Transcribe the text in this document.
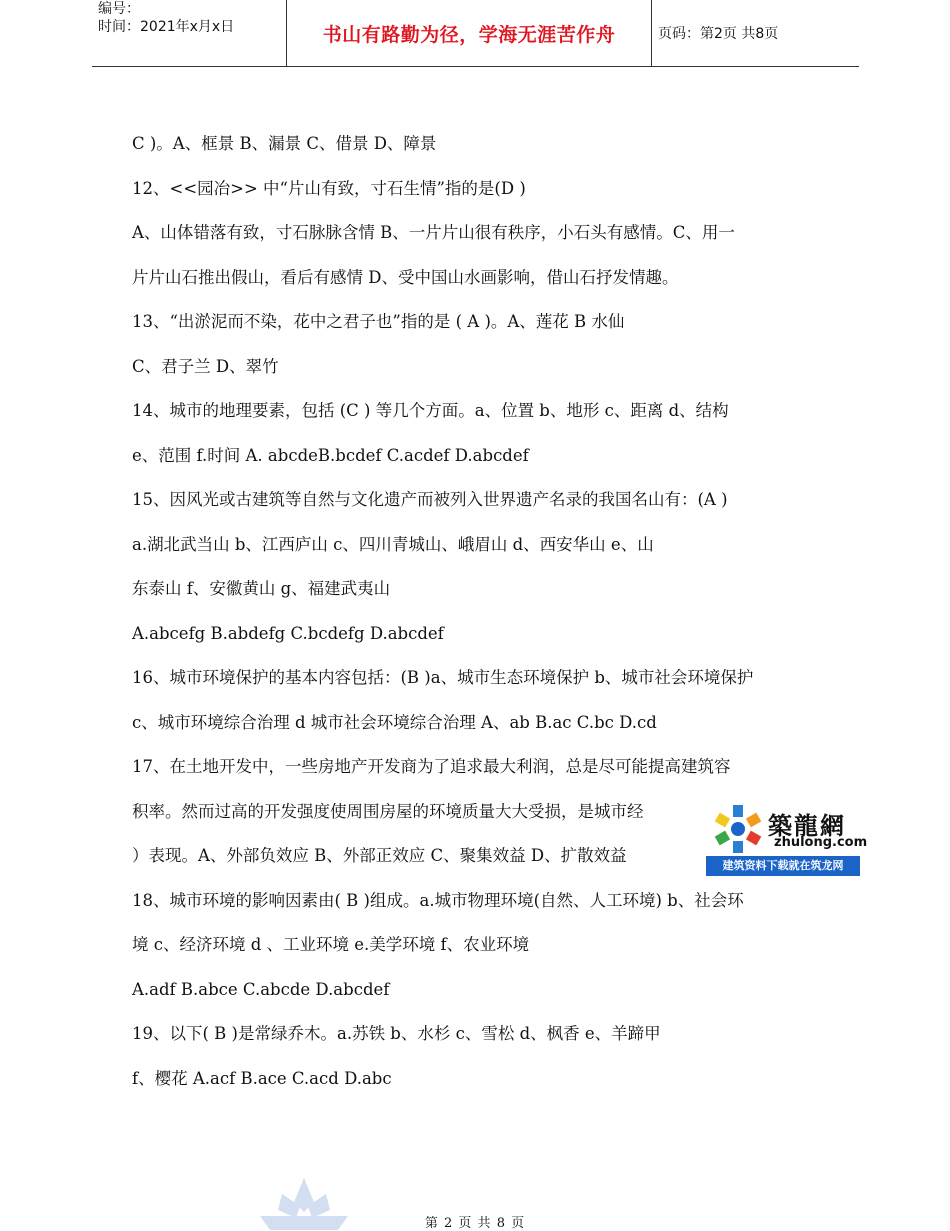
编号：
时间：2021年x月x日	书山有路勤为径，学海无涯苦作舟	页码：第2页 共8页
C )。A、框景 B、漏景 C、借景 D、障景
12、<<园冶>> 中“片山有致，寸石生情”指的是(D )
A、山体错落有致，寸石脉脉含情 B、一片片山很有秩序，小石头有感情。C、用一
片片山石推出假山，看后有感情 D、受中国山水画影响，借山石抒发情趣。
13、“出淤泥而不染，花中之君子也”指的是 ( A )。A、莲花 B 水仙
C、君子兰 D、翠竹
14、城市的地理要素，包括 (C ) 等几个方面。a、位置 b、地形 c、距离 d、结构
e、范围 f.时间 A. abcdeB.bcdef C.acdef D.abcdef
15、因风光或古建筑等自然与文化遗产而被列入世界遗产名录的我国名山有：(A )
a.湖北武当山 b、江西庐山 c、四川青城山、峨眉山 d、西安华山 e、山
东泰山 f、安徽黄山 g、福建武夷山
A.abcefg B.abdefg C.bcdefg D.abcdef
16、城市环境保护的基本内容包括：(B )a、城市生态环境保护 b、城市社会环境保护
c、城市环境综合治理 d 城市社会环境综合治理 A、ab B.ac C.bc D.cd
17、在土地开发中，一些房地产开发商为了追求最大利润，总是尽可能提高建筑容
积率。然而过高的开发强度使周围房屋的环境质量大大受损，是城市经
）表现。A、外部负效应 B、外部正效应 C、聚集效益 D、扩散效益
18、城市环境的影响因素由( B )组成。a.城市物理环境(自然、人工环境) b、社会环
境 c、经济环境 d 、工业环境 e.美学环境 f、农业环境
A.adf B.abce C.abcde D.abcdef
19、以下( B )是常绿乔木。a.苏铁 b、水杉 c、雪松 d、枫香 e、羊蹄甲
f、樱花 A.acf B.ace C.acd D.abc
築龍網
zhulong.com
建筑资料下载就在筑龙网
第 2 页 共 8 页
